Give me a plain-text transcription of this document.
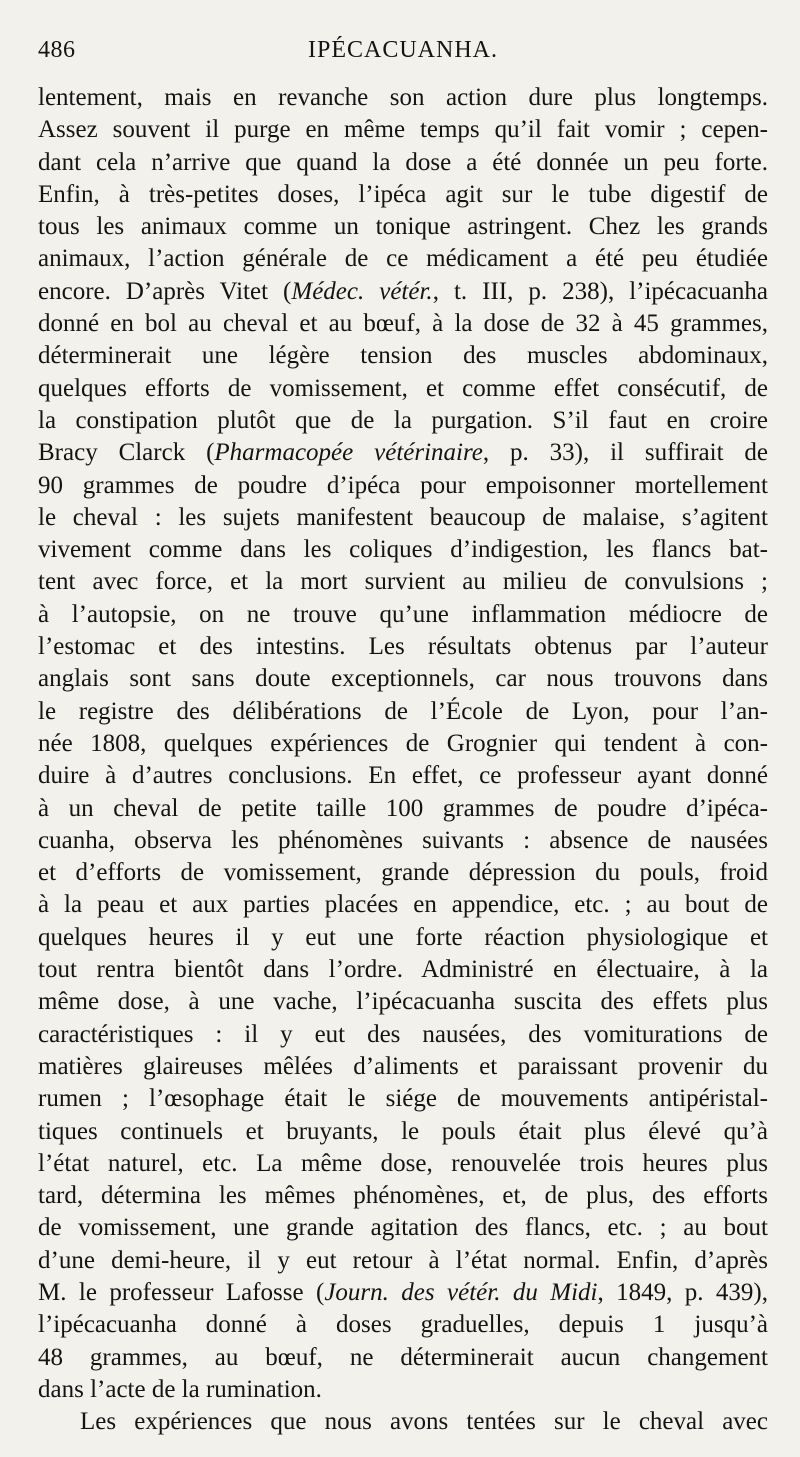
486	IPÉCACUANHA.
lentement, mais en revanche son action dure plus longtemps.
Assez souvent il purge en même temps qu’il fait vomir ; cepen-
dant cela n’arrive que quand la dose a été donnée un peu forte.
Enfin, à très-petites doses, l’ipéca agit sur le tube digestif de
tous les animaux comme un tonique astringent. Chez les grands
animaux, l’action générale de ce médicament a été peu étudiée
encore. D’après Vitet (Médec. vétér., t. III, p. 238), l’ipécacuanha
donné en bol au cheval et au bœuf, à la dose de 32 à 45 grammes,
déterminerait une légère tension des muscles abdominaux,
quelques efforts de vomissement, et comme effet consécutif, de
la constipation plutôt que de la purgation. S’il faut en croire
Bracy Clarck (Pharmacopée vétérinaire, p. 33), il suffirait de
90 grammes de poudre d’ipéca pour empoisonner mortellement
le cheval : les sujets manifestent beaucoup de malaise, s’agitent
vivement comme dans les coliques d’indigestion, les flancs bat-
tent avec force, et la mort survient au milieu de convulsions ;
à l’autopsie, on ne trouve qu’une inflammation médiocre de
l’estomac et des intestins. Les résultats obtenus par l’auteur
anglais sont sans doute exceptionnels, car nous trouvons dans
le registre des délibérations de l’École de Lyon, pour l’an-
née 1808, quelques expériences de Grognier qui tendent à con-
duire à d’autres conclusions. En effet, ce professeur ayant donné
à un cheval de petite taille 100 grammes de poudre d’ipéca-
cuanha, observa les phénomènes suivants : absence de nausées
et d’efforts de vomissement, grande dépression du pouls, froid
à la peau et aux parties placées en appendice, etc. ; au bout de
quelques heures il y eut une forte réaction physiologique et
tout rentra bientôt dans l’ordre. Administré en électuaire, à la
même dose, à une vache, l’ipécacuanha suscita des effets plus
caractéristiques : il y eut des nausées, des vomiturations de
matières glaireuses mêlées d’aliments et paraissant provenir du
rumen ; l’œsophage était le siége de mouvements antipéristal-
tiques continuels et bruyants, le pouls était plus élevé qu’à
l’état naturel, etc. La même dose, renouvelée trois heures plus
tard, détermina les mêmes phénomènes, et, de plus, des efforts
de vomissement, une grande agitation des flancs, etc. ; au bout
d’une demi-heure, il y eut retour à l’état normal. Enfin, d’après
M. le professeur Lafosse (Journ. des vétér. du Midi, 1849, p. 439),
l’ipécacuanha donné à doses graduelles, depuis 1 jusqu’à
48 grammes, au bœuf, ne déterminerait aucun changement
dans l’acte de la rumination.
Les expériences que nous avons tentées sur le cheval avec
